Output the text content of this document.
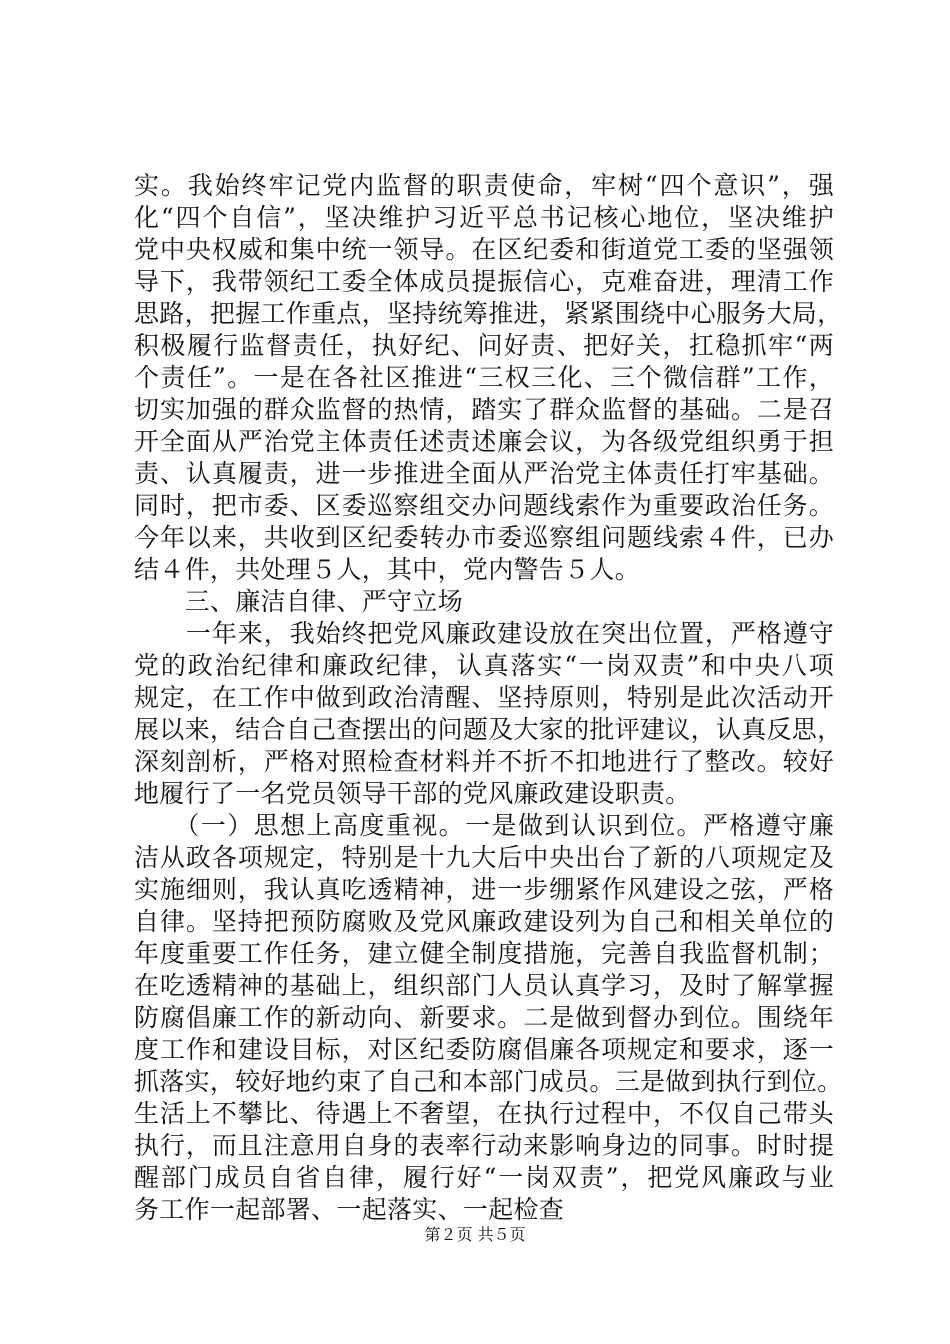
实。我始终牢记党内监督的职责使命，牢树“四个意识”，强
化“四个自信”，坚决维护习近平总书记核心地位，坚决维护
党中央权威和集中统一领导。在区纪委和街道党工委的坚强领
导下，我带领纪工委全体成员提振信心，克难奋进，理清工作
思路，把握工作重点，坚持统筹推进，紧紧围绕中心服务大局，
积极履行监督责任，执好纪、问好责、把好关，扛稳抓牢“两
个责任”。一是在各社区推进“三权三化、三个微信群”工作，
切实加强的群众监督的热情，踏实了群众监督的基础。二是召
开全面从严治党主体责任述责述廉会议，为各级党组织勇于担
责、认真履责，进一步推进全面从严治党主体责任打牢基础。
同时，把市委、区委巡察组交办问题线索作为重要政治任务。
今年以来，共收到区纪委转办市委巡察组问题线索４件，已办
结４件，共处理５人，其中，党内警告５人。
　　三、廉洁自律、严守立场
　　一年来，我始终把党风廉政建设放在突出位置，严格遵守
党的政治纪律和廉政纪律，认真落实“一岗双责”和中央八项
规定，在工作中做到政治清醒、坚持原则，特别是此次活动开
展以来，结合自己查摆出的问题及大家的批评建议，认真反思，
深刻剖析，严格对照检查材料并不折不扣地进行了整改。较好
地履行了一名党员领导干部的党风廉政建设职责。
　　（一）思想上高度重视。一是做到认识到位。严格遵守廉
洁从政各项规定，特别是十九大后中央出台了新的八项规定及
实施细则，我认真吃透精神，进一步绷紧作风建设之弦，严格
自律。坚持把预防腐败及党风廉政建设列为自己和相关单位的
年度重要工作任务，建立健全制度措施，完善自我监督机制；
在吃透精神的基础上，组织部门人员认真学习，及时了解掌握
防腐倡廉工作的新动向、新要求。二是做到督办到位。围绕年
度工作和建设目标，对区纪委防腐倡廉各项规定和要求，逐一
抓落实，较好地约束了自己和本部门成员。三是做到执行到位。
生活上不攀比、待遇上不奢望，在执行过程中，不仅自己带头
执行，而且注意用自身的表率行动来影响身边的同事。时时提
醒部门成员自省自律，履行好“一岗双责”，把党风廉政与业
务工作一起部署、一起落实、一起检查
第２页 共５页
